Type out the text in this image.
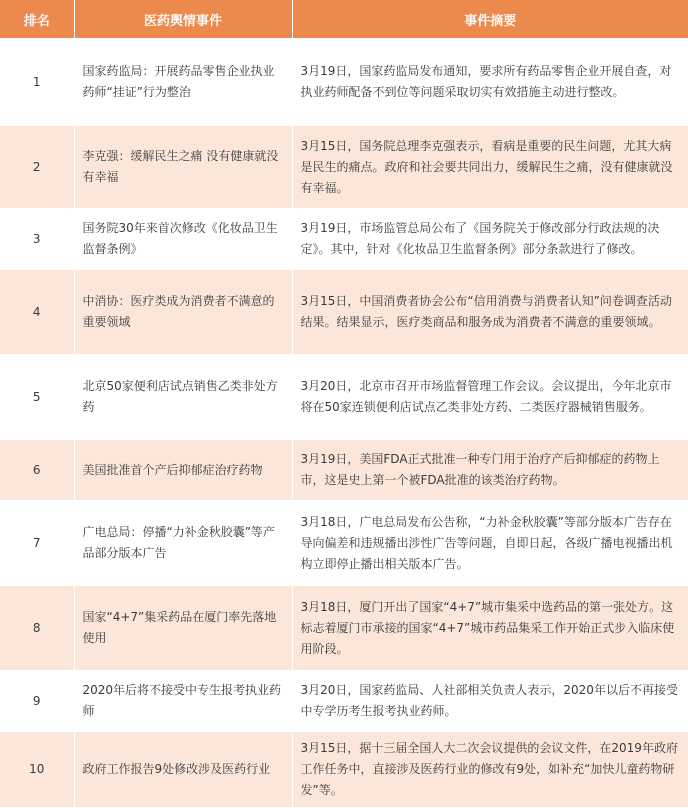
排名	医药舆情事件	事件摘要
1	国家药监局：开展药品零售企业执业药师“挂证”行为整治	3月19日，国家药监局发布通知，要求所有药品零售企业开展自查，对执业药师配备不到位等问题采取切实有效措施主动进行整改。
2	李克强：缓解民生之痛 没有健康就没有幸福	3月15日，国务院总理李克强表示，看病是重要的民生问题，尤其大病是民生的痛点。政府和社会要共同出力，缓解民生之痛，没有健康就没有幸福。
3	国务院30年来首次修改《化妆品卫生监督条例》	3月19日，市场监管总局公布了《国务院关于修改部分行政法规的决定》。其中，针对《化妆品卫生监督条例》部分条款进行了修改。
4	中消协：医疗类成为消费者不满意的重要领域	3月15日，中国消费者协会公布“信用消费与消费者认知”问卷调查活动结果。结果显示，医疗类商品和服务成为消费者不满意的重要领域。
5	北京50家便利店试点销售乙类非处方药	3月20日，北京市召开市场监督管理工作会议。会议提出，今年北京市将在50家连锁便利店试点乙类非处方药、二类医疗器械销售服务。
6	美国批准首个产后抑郁症治疗药物	3月19日，美国FDA正式批准一种专门用于治疗产后抑郁症的药物上市，这是史上第一个被FDA批准的该类治疗药物。
7	广电总局：停播“力补金秋胶囊”等产品部分版本广告	3月18日，广电总局发布公告称，“力补金秋胶囊”等部分版本广告存在导向偏差和违规播出涉性广告等问题，自即日起，各级广播电视播出机构立即停止播出相关版本广告。
8	国家“4+7”集采药品在厦门率先落地使用	3月18日，厦门开出了国家“4+7”城市集采中选药品的第一张处方。这标志着厦门市承接的国家“4+7”城市药品集采工作开始正式步入临床使用阶段。
9	2020年后将不接受中专生报考执业药师	3月20日，国家药监局、人社部相关负责人表示，2020年以后不再接受中专学历考生报考执业药师。
10	政府工作报告9处修改涉及医药行业	3月15日，据十三届全国人大二次会议提供的会议文件，在2019年政府工作任务中，直接涉及医药行业的修改有9处，如补充“加快儿童药物研发”等。
